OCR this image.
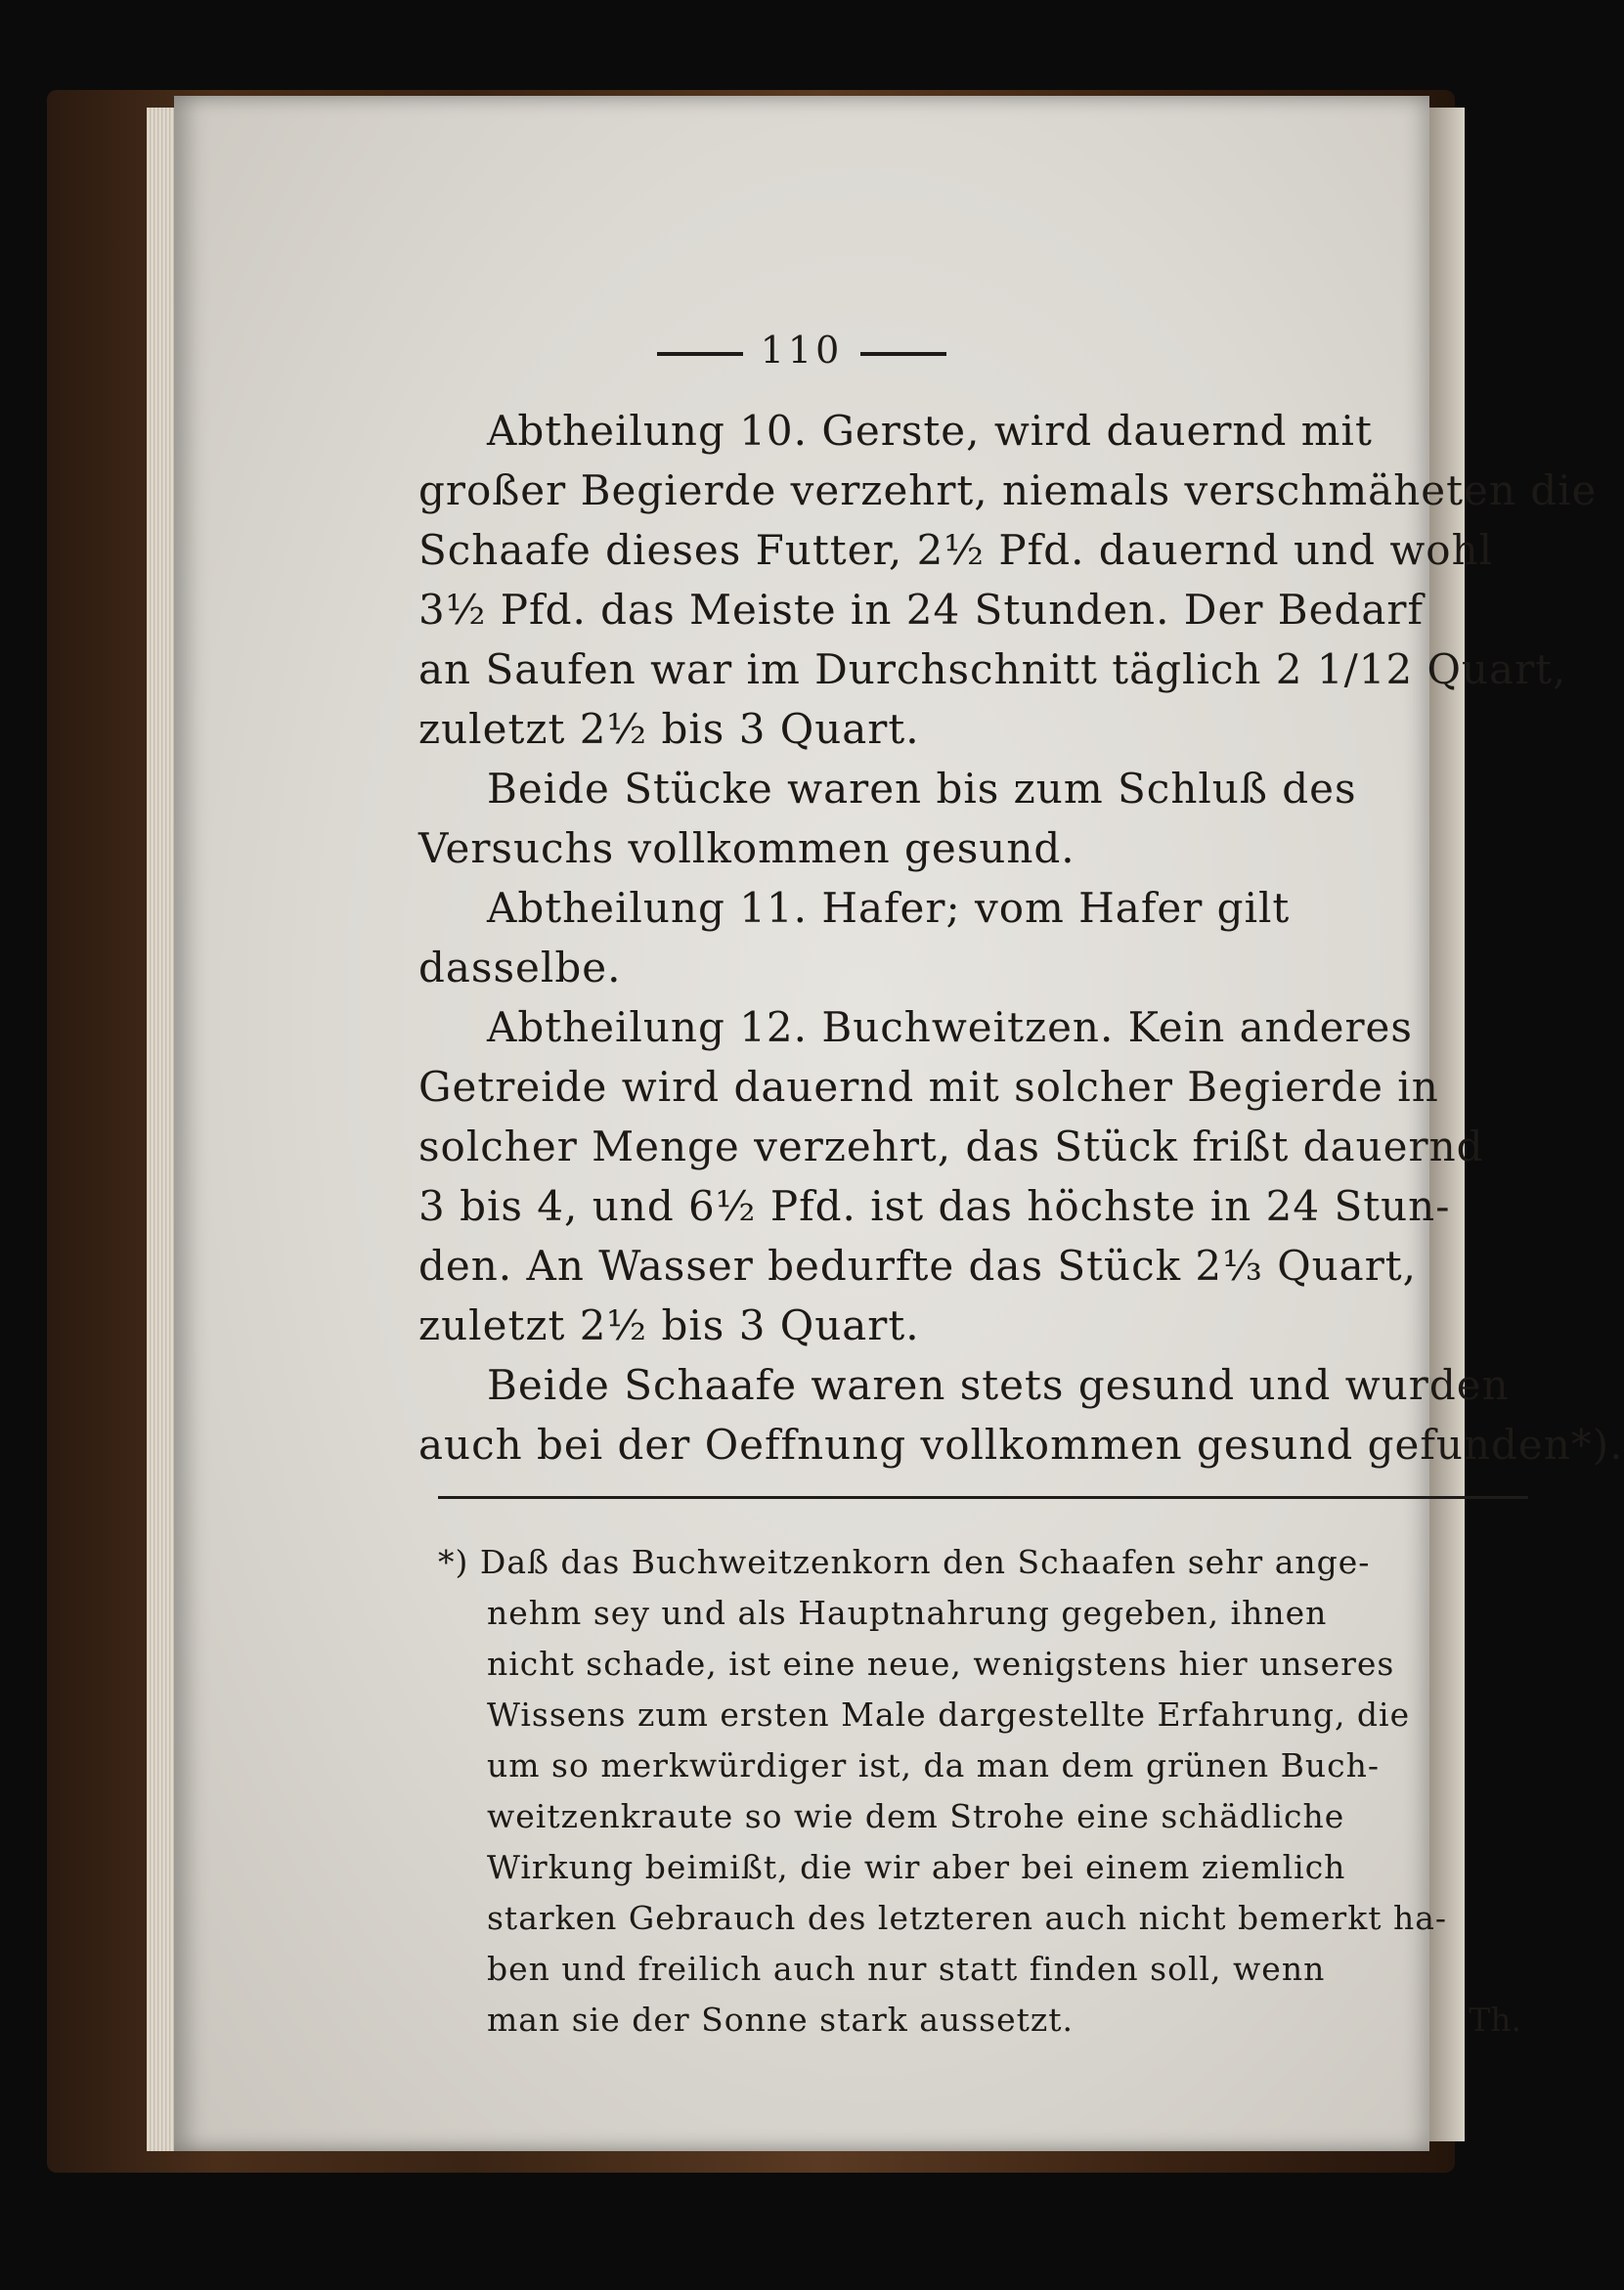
110
Abtheilung 10. Gerste, wird dauernd mit
großer Begierde verzehrt, niemals verschmäheten die
Schaafe dieses Futter, 2½ Pfd. dauernd und wohl
3½ Pfd. das Meiste in 24 Stunden. Der Bedarf
an Saufen war im Durchschnitt täglich 2 1/12 Quart,
zuletzt 2½ bis 3 Quart.
Beide Stücke waren bis zum Schluß des
Versuchs vollkommen gesund.
Abtheilung 11. Hafer; vom Hafer gilt
dasselbe.
Abtheilung 12. Buchweitzen. Kein anderes
Getreide wird dauernd mit solcher Begierde in
solcher Menge verzehrt, das Stück frißt dauernd
3 bis 4, und 6½ Pfd. ist das höchste in 24 Stun-
den. An Wasser bedurfte das Stück 2⅓ Quart,
zuletzt 2½ bis 3 Quart.
Beide Schaafe waren stets gesund und wurden
auch bei der Oeffnung vollkommen gesund gefunden*).
*) Daß das Buchweitzenkorn den Schaafen sehr ange-
nehm sey und als Hauptnahrung gegeben, ihnen
nicht schade, ist eine neue, wenigstens hier unseres
Wissens zum ersten Male dargestellte Erfahrung, die
um so merkwürdiger ist, da man dem grünen Buch-
weitzenkraute so wie dem Strohe eine schädliche
Wirkung beimißt, die wir aber bei einem ziemlich
starken Gebrauch des letzteren auch nicht bemerkt ha-
ben und freilich auch nur statt finden soll, wenn
man sie der Sonne stark aussetzt.	Th.
